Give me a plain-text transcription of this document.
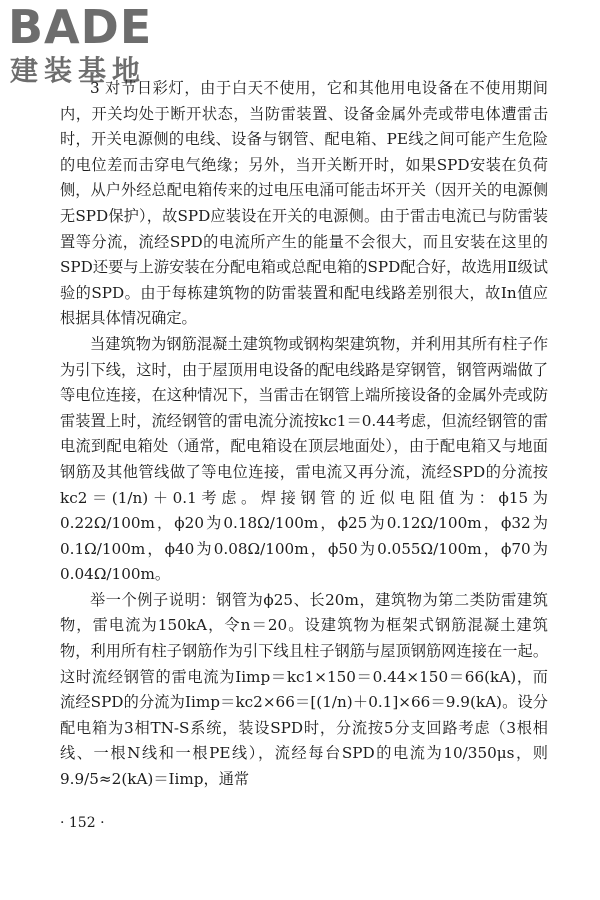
BADE
建装基地

3 对节日彩灯，由于白天不使用，它和其他用电设备在不使用期间内，开关均处于断开状态，当防雷装置、设备金属外壳或带电体遭雷击时，开关电源侧的电线、设备与钢管、配电箱、PE线之间可能产生危险的电位差而击穿电气绝缘；另外，当开关断开时，如果SPD安装在负荷侧，从户外经总配电箱传来的过电压电涌可能击坏开关（因开关的电源侧无SPD保护），故SPD应装设在开关的电源侧。由于雷击电流已与防雷装置等分流，流经SPD的电流所产生的能量不会很大，而且安装在这里的SPD还要与上游安装在分配电箱或总配电箱的SPD配合好，故选用Ⅱ级试验的SPD。由于每栋建筑物的防雷装置和配电线路差别很大，故In值应根据具体情况确定。

当建筑物为钢筋混凝土建筑物或钢构架建筑物，并利用其所有柱子作为引下线，这时，由于屋顶用电设备的配电线路是穿钢管，钢管两端做了等电位连接，在这种情况下，当雷击在钢管上端所接设备的金属外壳或防雷装置上时，流经钢管的雷电流分流按kc1＝0.44考虑，但流经钢管的雷电流到配电箱处（通常，配电箱设在顶层地面处），由于配电箱又与地面钢筋及其他管线做了等电位连接，雷电流又再分流，流经SPD的分流按kc2＝(1/n)＋0.1考虑。焊接钢管的近似电阻值为：ϕ15为0.22Ω/100m，ϕ20为0.18Ω/100m，ϕ25为0.12Ω/100m，ϕ32为0.1Ω/100m，ϕ40为0.08Ω/100m，ϕ50为0.055Ω/100m，ϕ70为0.04Ω/100m。

举一个例子说明：钢管为ϕ25、长20m，建筑物为第二类防雷建筑物，雷电流为150kA，令n＝20。设建筑物为框架式钢筋混凝土建筑物，利用所有柱子钢筋作为引下线且柱子钢筋与屋顶钢筋网连接在一起。这时流经钢管的雷电流为Iimp＝kc1×150＝0.44×150＝66(kA)，而流经SPD的分流为Iimp＝kc2×66＝[(1/n)＋0.1]×66＝9.9(kA)。设分配电箱为3相TN-S系统，装设SPD时，分流按5分支回路考虑（3根相线、一根N线和一根PE线），流经每台SPD的电流为10/350μs，则9.9/5≈2(kA)＝Iimp，通常

· 152 ·
